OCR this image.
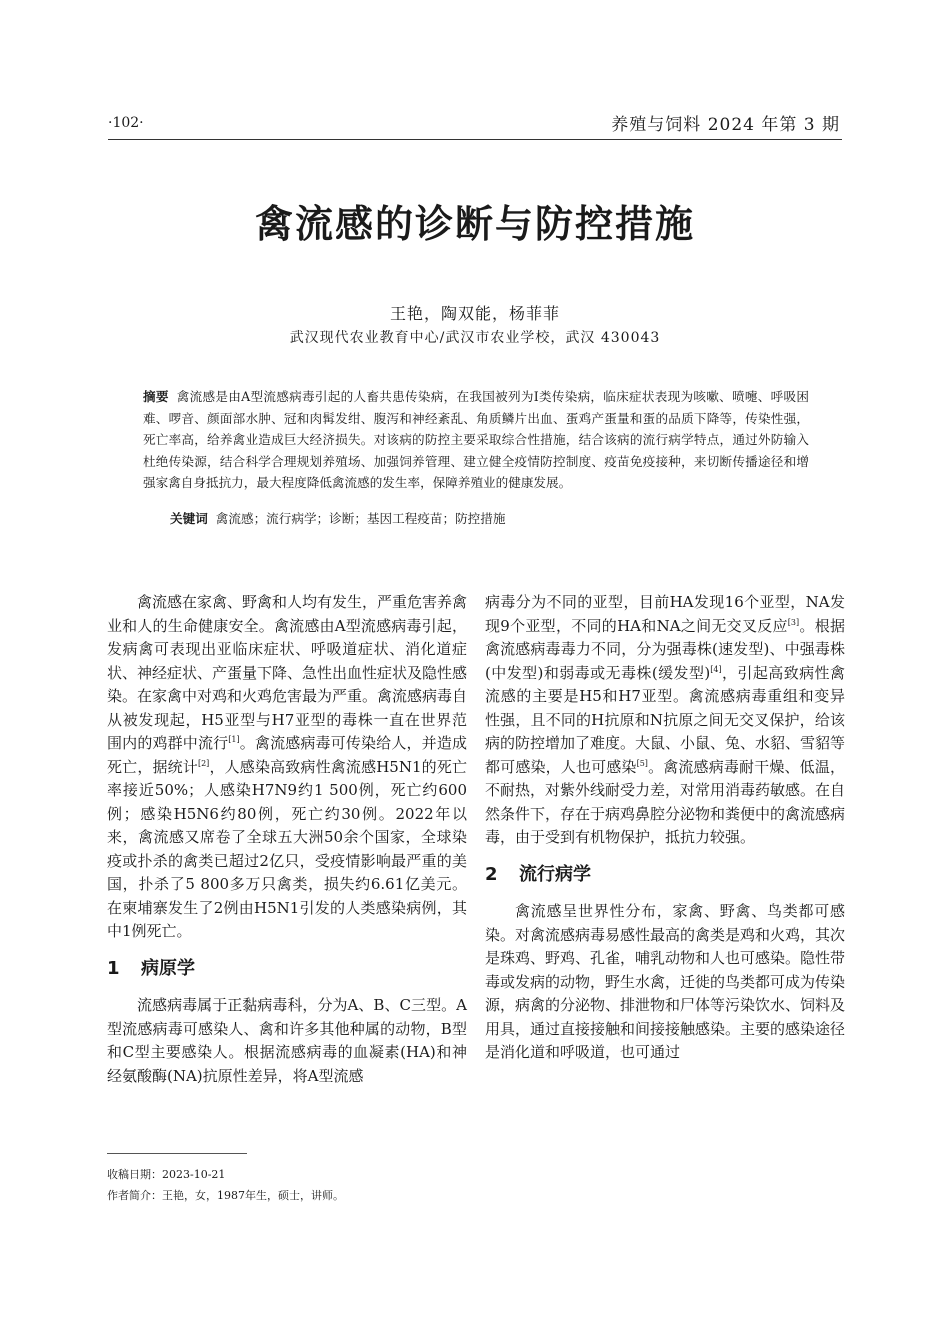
·102·	养殖与饲料 2024 年第 3 期
禽流感的诊断与防控措施
王艳，陶双能，杨菲菲
武汉现代农业教育中心/武汉市农业学校，武汉 430043
摘要 禽流感是由A型流感病毒引起的人畜共患传染病，在我国被列为Ⅰ类传染病，临床症状表现为咳嗽、喷嚏、呼吸困难、啰音、颜面部水肿、冠和肉髯发绀、腹泻和神经紊乱、角质鳞片出血、蛋鸡产蛋量和蛋的品质下降等，传染性强，死亡率高，给养禽业造成巨大经济损失。对该病的防控主要采取综合性措施，结合该病的流行病学特点，通过外防输入杜绝传染源，结合科学合理规划养殖场、加强饲养管理、建立健全疫情防控制度、疫苗免疫接种，来切断传播途径和增强家禽自身抵抗力，最大程度降低禽流感的发生率，保障养殖业的健康发展。
关键词 禽流感；流行病学；诊断；基因工程疫苗；防控措施

禽流感在家禽、野禽和人均有发生，严重危害养禽业和人的生命健康安全。禽流感由A型流感病毒引起，发病禽可表现出亚临床症状、呼吸道症状、消化道症状、神经症状、产蛋量下降、急性出血性症状及隐性感染。在家禽中对鸡和火鸡危害最为严重。禽流感病毒自从被发现起，H5亚型与H7亚型的毒株一直在世界范围内的鸡群中流行[1]。禽流感病毒可传染给人，并造成死亡，据统计[2]，人感染高致病性禽流感H5N1的死亡率接近50%；人感染H7N9约1 500例，死亡约600例；感染H5N6约80例，死亡约30例。2022年以来，禽流感又席卷了全球五大洲50余个国家，全球染疫或扑杀的禽类已超过2亿只，受疫情影响最严重的美国，扑杀了5 800多万只禽类，损失约6.61亿美元。在柬埔寨发生了2例由H5N1引发的人类感染病例，其中1例死亡。

1 病原学

流感病毒属于正黏病毒科，分为A、B、C三型。A型流感病毒可感染人、禽和许多其他种属的动物，B型和C型主要感染人。根据流感病毒的血凝素(HA)和神经氨酸酶(NA)抗原性差异，将A型流感

病毒分为不同的亚型，目前HA发现16个亚型，NA发现9个亚型，不同的HA和NA之间无交叉反应[3]。根据禽流感病毒毒力不同，分为强毒株(速发型)、中强毒株(中发型)和弱毒或无毒株(缓发型)[4]，引起高致病性禽流感的主要是H5和H7亚型。禽流感病毒重组和变异性强，且不同的H抗原和N抗原之间无交叉保护，给该病的防控增加了难度。大鼠、小鼠、兔、水貂、雪貂等都可感染，人也可感染[5]。禽流感病毒耐干燥、低温，不耐热，对紫外线耐受力差，对常用消毒药敏感。在自然条件下，存在于病鸡鼻腔分泌物和粪便中的禽流感病毒，由于受到有机物保护，抵抗力较强。

2 流行病学

禽流感呈世界性分布，家禽、野禽、鸟类都可感染。对禽流感病毒易感性最高的禽类是鸡和火鸡，其次是珠鸡、野鸡、孔雀，哺乳动物和人也可感染。隐性带毒或发病的动物，野生水禽，迁徙的鸟类都可成为传染源，病禽的分泌物、排泄物和尸体等污染饮水、饲料及用具，通过直接接触和间接接触感染。主要的感染途径是消化道和呼吸道，也可通过

收稿日期：2023-10-21
作者简介：王艳，女，1987年生，硕士，讲师。
